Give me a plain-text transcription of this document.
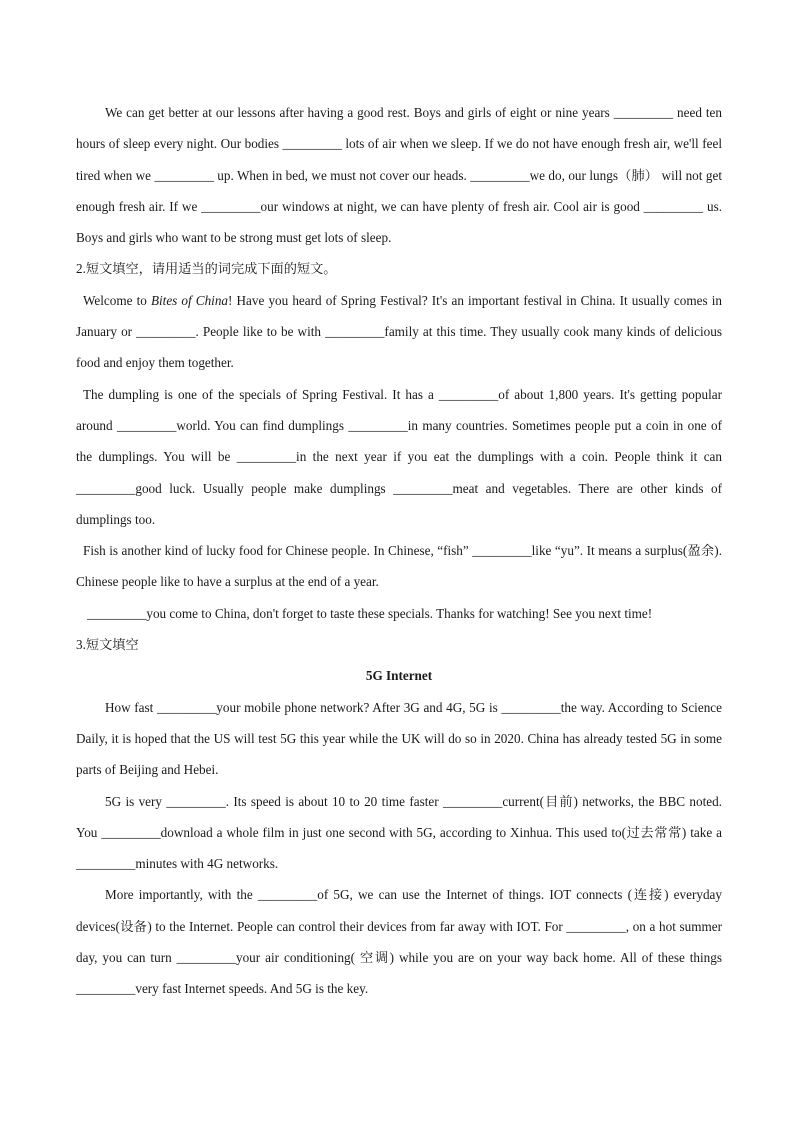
We can get better at our lessons after having a good rest. Boys and girls of eight or nine years _________ need ten hours of sleep every night. Our bodies _________ lots of air when we sleep. If we do not have enough fresh air, we'll feel tired when we _________ up. When in bed, we must not cover our heads. _________we do, our lungs（肺） will not get enough fresh air. If we _________our windows at night, we can have plenty of fresh air. Cool air is good _________ us. Boys and girls who want to be strong must get lots of sleep.

2.短文填空，请用适当的词完成下面的短文。

Welcome to Bites of China! Have you heard of Spring Festival? It's an important festival in China. It usually comes in January or _________. People like to be with _________family at this time. They usually cook many kinds of delicious food and enjoy them together.

The dumpling is one of the specials of Spring Festival. It has a _________of about 1,800 years. It's getting popular around _________world. You can find dumplings _________in many countries. Sometimes people put a coin in one of the dumplings. You will be _________in the next year if you eat the dumplings with a coin. People think it can _________good luck. Usually people make dumplings _________meat and vegetables. There are other kinds of dumplings too.

Fish is another kind of lucky food for Chinese people. In Chinese, “fish” _________like “yu”. It means a surplus(盈余). Chinese people like to have a surplus at the end of a year.

_________you come to China, don't forget to taste these specials. Thanks for watching! See you next time!

3.短文填空

5G Internet

How fast _________your mobile phone network? After 3G and 4G, 5G is _________the way. According to Science Daily, it is hoped that the US will test 5G this year while the UK will do so in 2020. China has already tested 5G in some parts of Beijing and Hebei.

5G is very _________. Its speed is about 10 to 20 time faster _________current(目前) networks, the BBC noted. You _________download a whole film in just one second with 5G, according to Xinhua. This used to(过去常常) take a _________minutes with 4G networks.

More importantly, with the _________of 5G, we can use the Internet of things. IOT connects (连接) everyday devices(设备) to the Internet. People can control their devices from far away with IOT. For _________, on a hot summer day, you can turn _________your air conditioning( 空调) while you are on your way back home. All of these things _________very fast Internet speeds. And 5G is the key.
